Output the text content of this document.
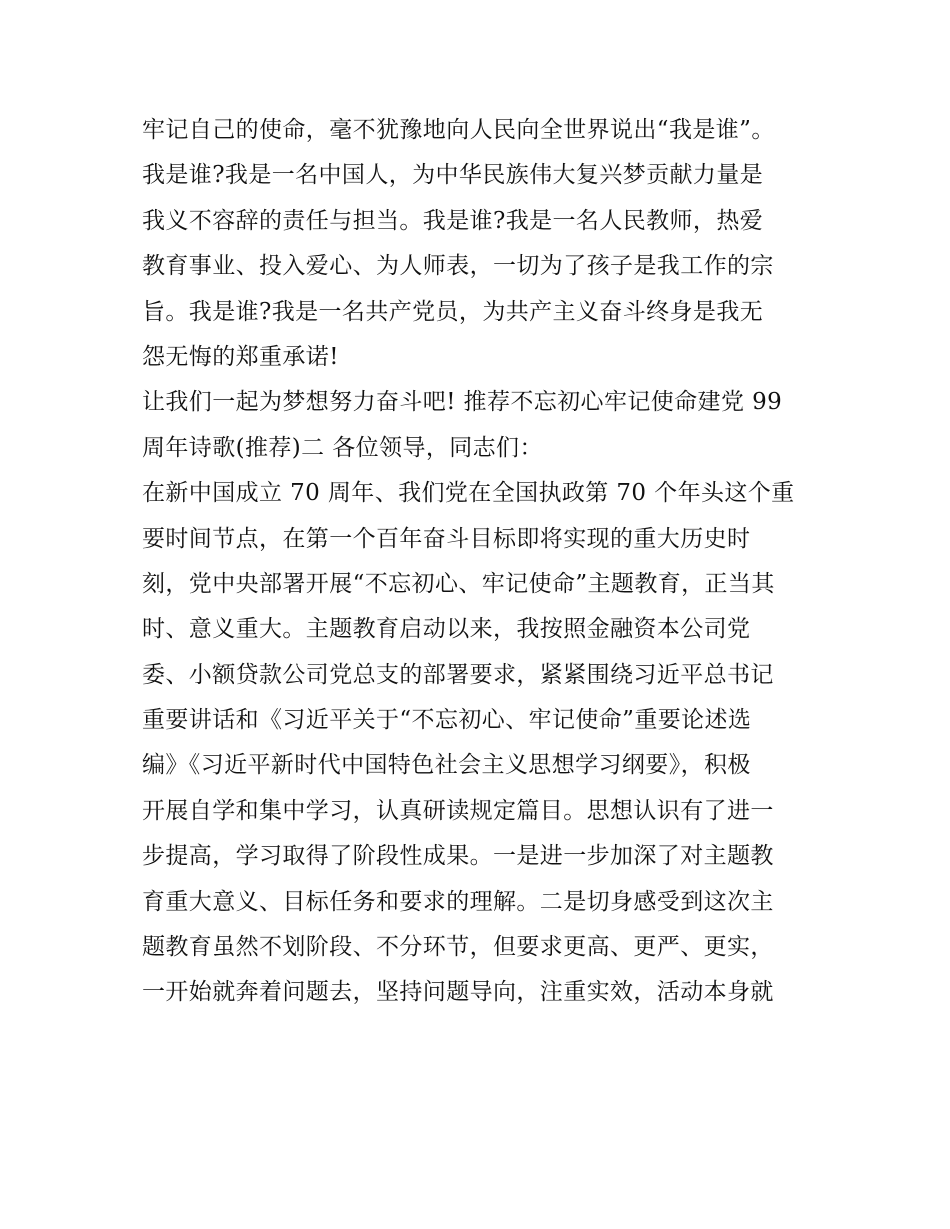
牢记自己的使命，毫不犹豫地向人民向全世界说出“我是谁”。
我是谁?我是一名中国人，为中华民族伟大复兴梦贡献力量是
我义不容辞的责任与担当。我是谁?我是一名人民教师，热爱
教育事业、投入爱心、为人师表，一切为了孩子是我工作的宗
旨。我是谁?我是一名共产党员，为共产主义奋斗终身是我无
怨无悔的郑重承诺!
让我们一起为梦想努力奋斗吧! 推荐不忘初心牢记使命建党 99
周年诗歌(推荐)二 各位领导，同志们：
在新中国成立 70 周年、我们党在全国执政第 70 个年头这个重
要时间节点，在第一个百年奋斗目标即将实现的重大历史时
刻，党中央部署开展“不忘初心、牢记使命”主题教育，正当其
时、意义重大。主题教育启动以来，我按照金融资本公司党
委、小额贷款公司党总支的部署要求，紧紧围绕习近平总书记
重要讲话和《习近平关于“不忘初心、牢记使命”重要论述选
编》《习近平新时代中国特色社会主义思想学习纲要》，积极
开展自学和集中学习，认真研读规定篇目。思想认识有了进一
步提高，学习取得了阶段性成果。一是进一步加深了对主题教
育重大意义、目标任务和要求的理解。二是切身感受到这次主
题教育虽然不划阶段、不分环节，但要求更高、更严、更实，
一开始就奔着问题去，坚持问题导向，注重实效，活动本身就
